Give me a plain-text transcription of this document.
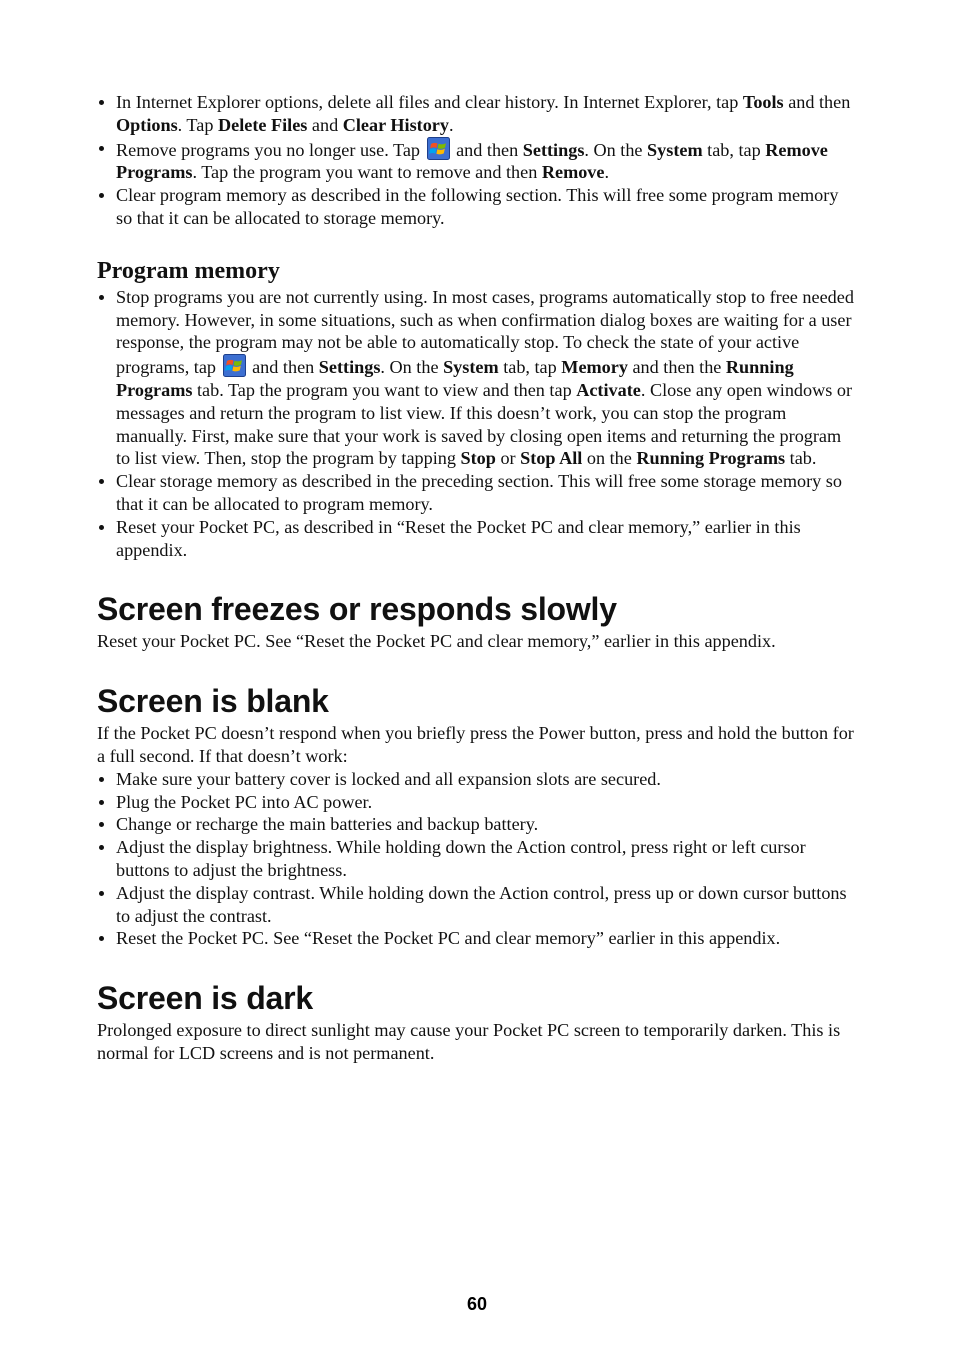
In Internet Explorer options, delete all files and clear history. In Internet Explorer, tap Tools and then Options. Tap Delete Files and Clear History.
Remove programs you no longer use. Tap  and then Settings. On the System tab, tap Remove Programs. Tap the program you want to remove and then Remove.
Clear program memory as described in the following section. This will free some program memory so that it can be allocated to storage memory.
Program memory
Stop programs you are not currently using. In most cases, programs automatically stop to free needed memory. However, in some situations, such as when confirmation dialog boxes are waiting for a user response, the program may not be able to automatically stop. To check the state of your active programs, tap  and then Settings. On the System tab, tap Memory and then the Running Programs tab. Tap the program you want to view and then tap Activate. Close any open windows or messages and return the program to list view. If this doesn’t work, you can stop the program manually. First, make sure that your work is saved by closing open items and returning the program to list view. Then, stop the program by tapping Stop or Stop All on the Running Programs tab.
Clear storage memory as described in the preceding section. This will free some storage memory so that it can be allocated to program memory.
Reset your Pocket PC, as described in “Reset the Pocket PC and clear memory,” earlier in this appendix.
Screen freezes or responds slowly

Reset your Pocket PC. See “Reset the Pocket PC and clear memory,” earlier in this appendix.

Screen is blank

If the Pocket PC doesn’t respond when you briefly press the Power button, press and hold the button for a full second. If that doesn’t work:

Make sure your battery cover is locked and all expansion slots are secured.
Plug the Pocket PC into AC power.
Change or recharge the main batteries and backup battery.
Adjust the display brightness. While holding down the Action control, press right or left cursor buttons to adjust the brightness.
Adjust the display contrast. While holding down the Action control, press up or down cursor buttons to adjust the contrast.
Reset the Pocket PC. See “Reset the Pocket PC and clear memory” earlier in this appendix.
Screen is dark

Prolonged exposure to direct sunlight may cause your Pocket PC screen to temporarily darken. This is normal for LCD screens and is not permanent.

60
